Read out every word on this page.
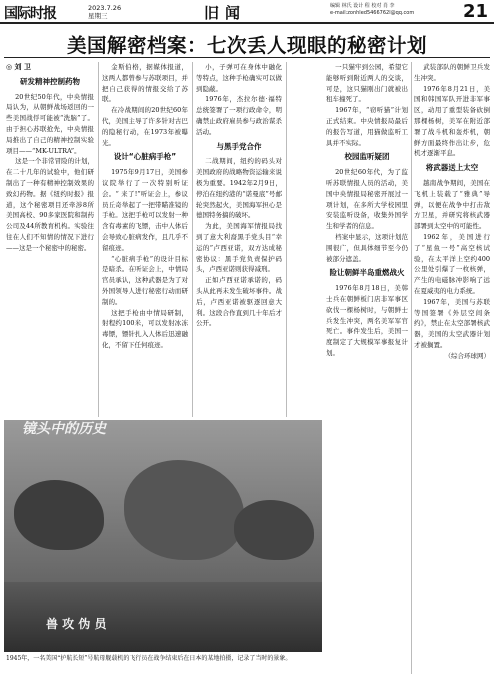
国际时报	2023.7.26
星期三	旧闻	编辑 林氏 设计 程 校对 肖 李
e-mail:zonhled5466762l@qq.com	21
美国解密档案：七次丢人现眼的秘密计划

◎ 刘 卫

研发精神控制药物

20世纪50年代，中央情报局认为，从朝鲜战场返回的一些美国战俘可能被“洗脑”了。由于担心苏联抢先，中央情报局推出了自己的精神控制实验项目——“MK-ULTRA”。

这是一个非常冒险的计划，在二十几年的试验中，他们研制出了一种有精神控制效果的致幻药物。据《纽约时报》报道，这个秘密项目还牵涉8所美国高校、90多家医院和制药公司及44所教育机构。实验往往在人们不知情的情况下进行——这是一个秘密中的秘密。

金斯伯格，据媒体报道，这两人都曾参与苏联项目，并把自己获得的情报交给了苏联。

在冷战期间的20世纪60年代，美国主导了许多针对古巴的隐秘行动，在1973年被曝光。

设计“心脏病手枪”

1975年9月17日，美国参议院举行了一次特别听证会。“ 来了!”听证会上，参议员丘奇举起了一把带瞄准镜的手枪。这把手枪可以发射一种含有毒素的飞镖，击中人体后会导致心脏病发作，且几乎不留痕迹。

“心脏病手枪”的设计目标是暗杀。在听证会上，中情局官员承认，这种武器是为了对外国领导人进行秘密行动而研制的。

这把手枪由中情局研制，射程约100米，可以发射冰冻毒镖，镖针扎入人体后迅速融化，不留下任何痕迹。

小，子弹可在身体中融化等特点，这种手枪确实可以做到隐蔽。

1976年，杰拉尔德·福特总统签署了一项行政命令，明确禁止政府雇员参与政治谋杀活动。

与黑手党合作

二战期间，纽约的码头对美国政府的战略物资运输来说极为重要。1942年2月9日，停泊在纽约港的“诺曼底”号邮轮突然起火，美国海军担心是德国特务搞的破坏。

为此，美国海军情报局找到了意大利裔黑手党头目“幸运的”卢西亚诺，双方达成秘密协议：黑手党负责保护码头，卢西亚诺则获得减刑。

正如卢西亚诺承诺的，码头从此再未发生破坏事件。战后，卢西亚诺被驱逐回意大利。这段合作直到几十年后才公开。

一只猫牢到公园，希望它能够听到附近两人的交谈，可是，这只猫刚出门就被出租车撞死了。

1967年，“窃听猫”计划正式结束。中央情报局最后的报告写道，用猫做监听工具并不实际。

校园监听疑团

20世纪60年代，为了监听苏联情报人员的活动，美国中央情报局秘密开展过一项计划，在多所大学校园里安装监听设备，收集外国学生和学者的信息。

档案中显示，这项计划范围很广，但具体细节至今仍被部分遮盖。

险让朝鲜半岛重燃战火

1976年8月18日，美韩士兵在朝鲜板门店非军事区砍伐一棵杨树时，与朝鲜士兵发生冲突，两名美军军官死亡。事件发生后，美国一度制定了大规模军事报复计划。

武装部队的朝鲜卫兵发生冲突。

1976年8月21日，美国和韩国军队开进非军事区，动用了重型装备砍倒那棵杨树，美军在附近部署了战斗机和轰炸机，朝鲜方面最终作出让步，危机才逐渐平息。

将武器送上太空

越南战争期间，美国在飞机上装载了“雅典”导弹，以便在战争中打击敌方卫星，并研究将核武器部署到太空中的可能性。

1962年，美国进行了“星鱼一号”高空核试验，在太平洋上空约400公里处引爆了一枚核弹，产生的电磁脉冲影响了远在夏威夷的电力系统。

1967年，美国与苏联等国签署《外层空间条约》，禁止在太空部署核武器，美国的太空武器计划才被搁置。

（综合环球网）

镜头中的历史
兽 攻 伪 员
1945年，一名美国“护航长短”号航母舰载机的飞行员在战争结束后在日本的某地拍摄，记录了当时的景象。
